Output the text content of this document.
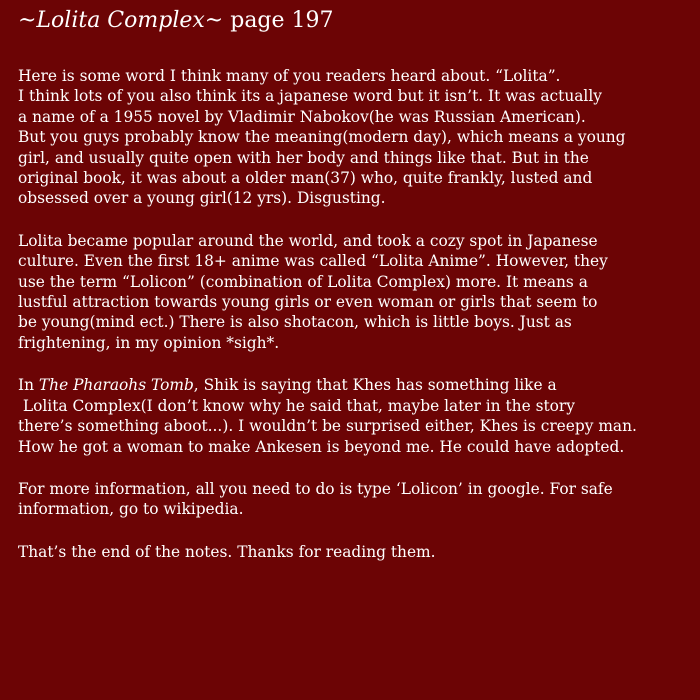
~Lolita Complex~ page 197

Here is some word I think many of you readers heard about. “Lolita”.
I think lots of you also think its a japanese word but it isn’t. It was actually
a name of a 1955 novel by Vladimir Nabokov(he was Russian American).
But you guys probably know the meaning(modern day), which means a young
girl, and usually quite open with her body and things like that. But in the
original book, it was about a older man(37) who, quite frankly, lusted and
obsessed over a young girl(12 yrs). Disgusting.

Lolita became popular around the world, and took a cozy spot in Japanese
culture. Even the first 18+ anime was called “Lolita Anime”. However, they
use the term “Lolicon” (combination of Lolita Complex) more. It means a
lustful attraction towards young girls or even woman or girls that seem to
be young(mind ect.) There is also shotacon, which is little boys. Just as
frightening, in my opinion *sigh*.

In The Pharaohs Tomb, Shik is saying that Khes has something like a
Lolita Complex(I don’t know why he said that, maybe later in the story
there’s something aboot...). I wouldn’t be surprised either, Khes is creepy man.
How he got a woman to make Ankesen is beyond me. He could have adopted.

For more information, all you need to do is type ‘Lolicon’ in google. For safe
information, go to wikipedia.

That’s the end of the notes. Thanks for reading them.
